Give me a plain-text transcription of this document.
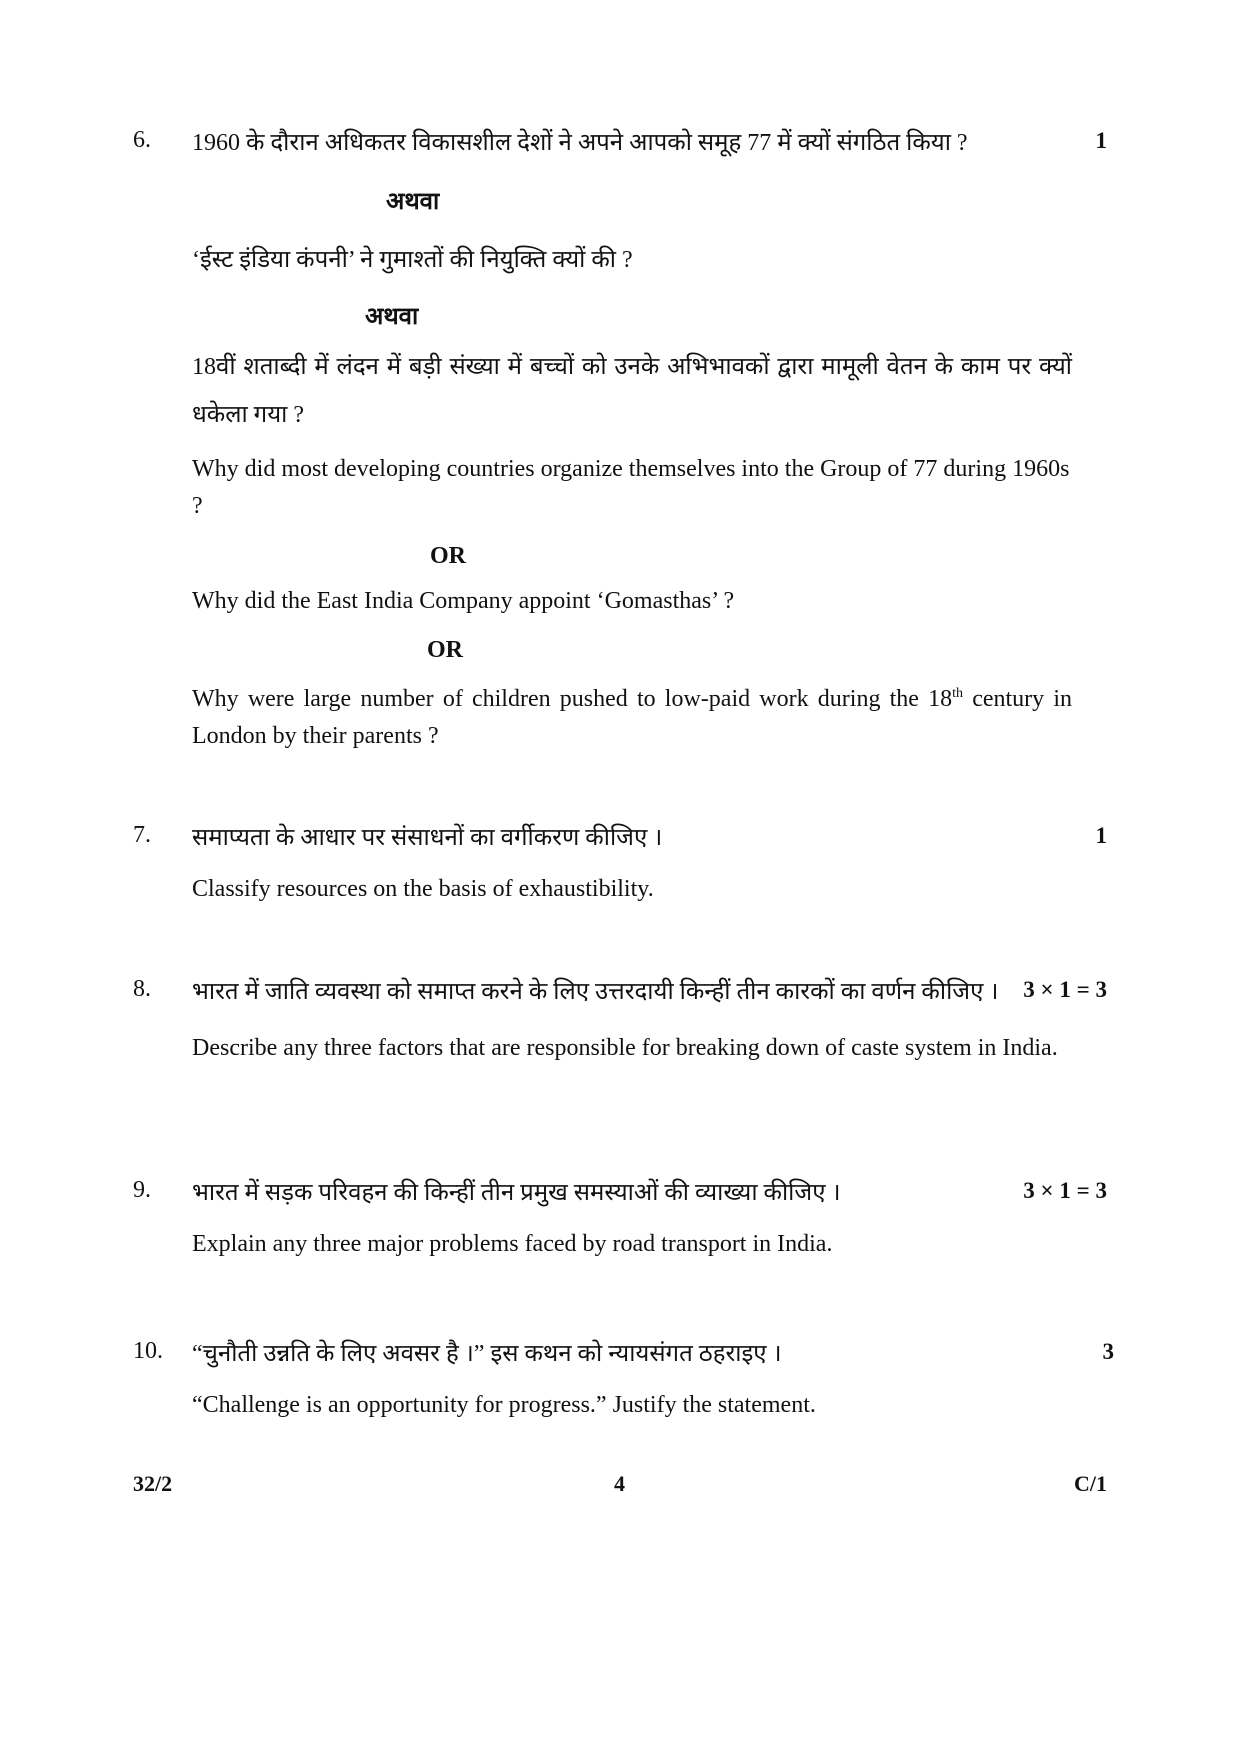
6. 1960 के दौरान अधिकतर विकासशील देशों ने अपने आपको समूह 77 में क्यों संगठित किया ?	1
अथवा
‘ईस्ट इंडिया कंपनी’ ने गुमाश्तों की नियुक्ति क्यों की ?
अथवा
18वीं शताब्दी में लंदन में बड़ी संख्या में बच्चों को उनके अभिभावकों द्वारा मामूली वेतन के काम पर क्यों धकेला गया ?
Why did most developing countries organize themselves into the Group of 77 during 1960s ?
OR
Why did the East India Company appoint ‘Gomasthas’ ?
OR
Why were large number of children pushed to low-paid work during the 18th century in London by their parents ?
7. समाप्यता के आधार पर संसाधनों का वर्गीकरण कीजिए ।	1
Classify resources on the basis of exhaustibility.
8. भारत में जाति व्यवस्था को समाप्त करने के लिए उत्तरदायी किन्हीं तीन कारकों का वर्णन कीजिए । 3 × 1 = 3
Describe any three factors that are responsible for breaking down of caste system in India.
9. भारत में सड़क परिवहन की किन्हीं तीन प्रमुख समस्याओं की व्याख्या कीजिए ।	3 × 1 = 3
Explain any three major problems faced by road transport in India.
10. “चुनौती उन्नति के लिए अवसर है ।” इस कथन को न्यायसंगत ठहराइए ।	3
“Challenge is an opportunity for progress.” Justify the statement.
32/2	4	C/1
